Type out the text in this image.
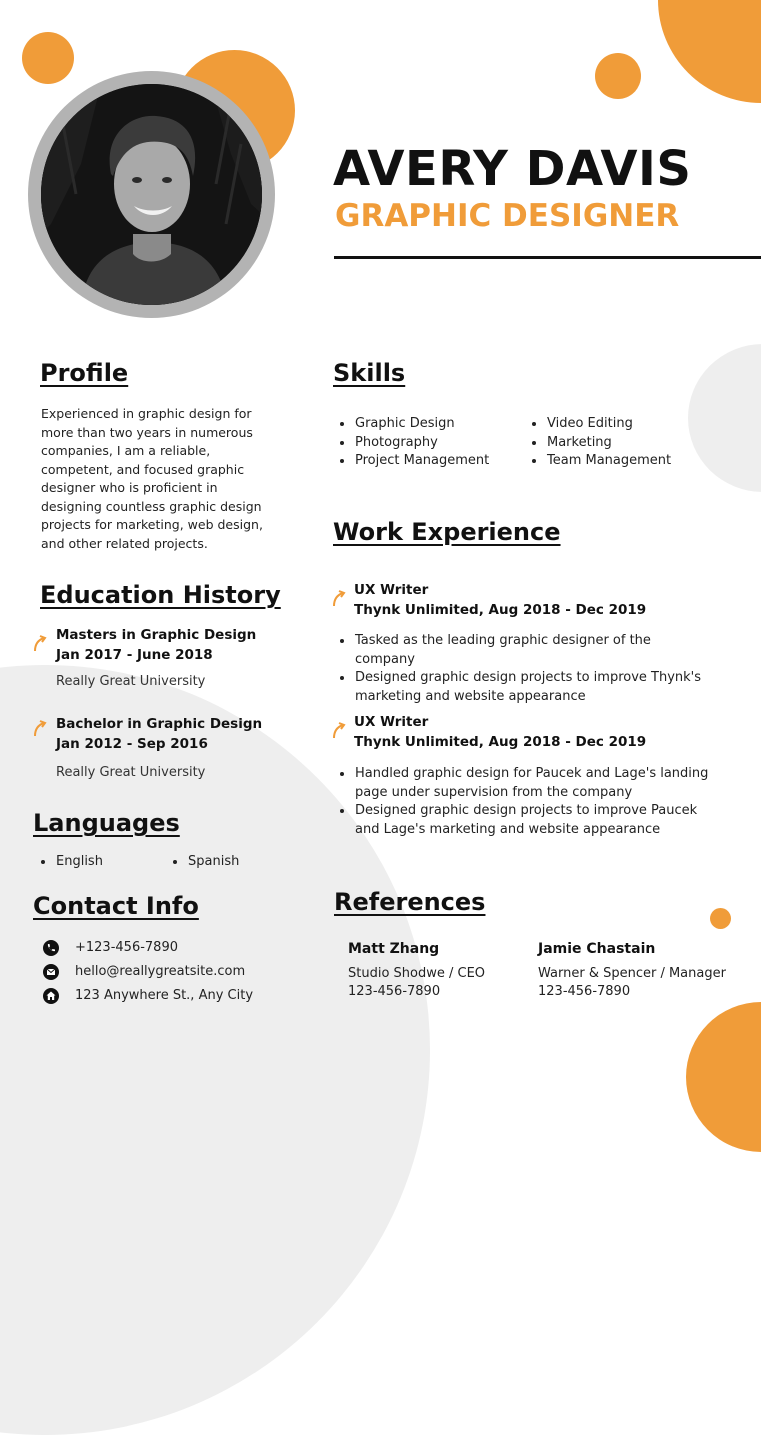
AVERY DAVIS
GRAPHIC DESIGNER
Profile
Experienced in graphic design for more than two years in numerous companies, I am a reliable, competent, and focused graphic designer who is proficient in designing countless graphic design projects for marketing, web design, and other related projects.
Education History
Masters in Graphic Design
Jan 2017 - June 2018
Really Great University
Bachelor in Graphic Design
Jan 2012 - Sep 2016
Really Great University
Languages
English	Spanish
Contact Info
+123-456-7890
hello@reallygreatsite.com
123 Anywhere St., Any City
Skills
Graphic Design
Photography
Project Management
Video Editing
Marketing
Team Management
Work Experience
UX Writer
Thynk Unlimited, Aug 2018 - Dec 2019
Tasked as the leading graphic designer of the company
Designed graphic design projects to improve Thynk's marketing and website appearance
UX Writer
Thynk Unlimited, Aug 2018 - Dec 2019
Handled graphic design for Paucek and Lage's landing page under supervision from the company
Designed graphic design projects to improve Paucek and Lage's marketing and website appearance
References
Matt Zhang
Studio Shodwe / CEO
123-456-7890
Jamie Chastain
Warner & Spencer / Manager
123-456-7890
